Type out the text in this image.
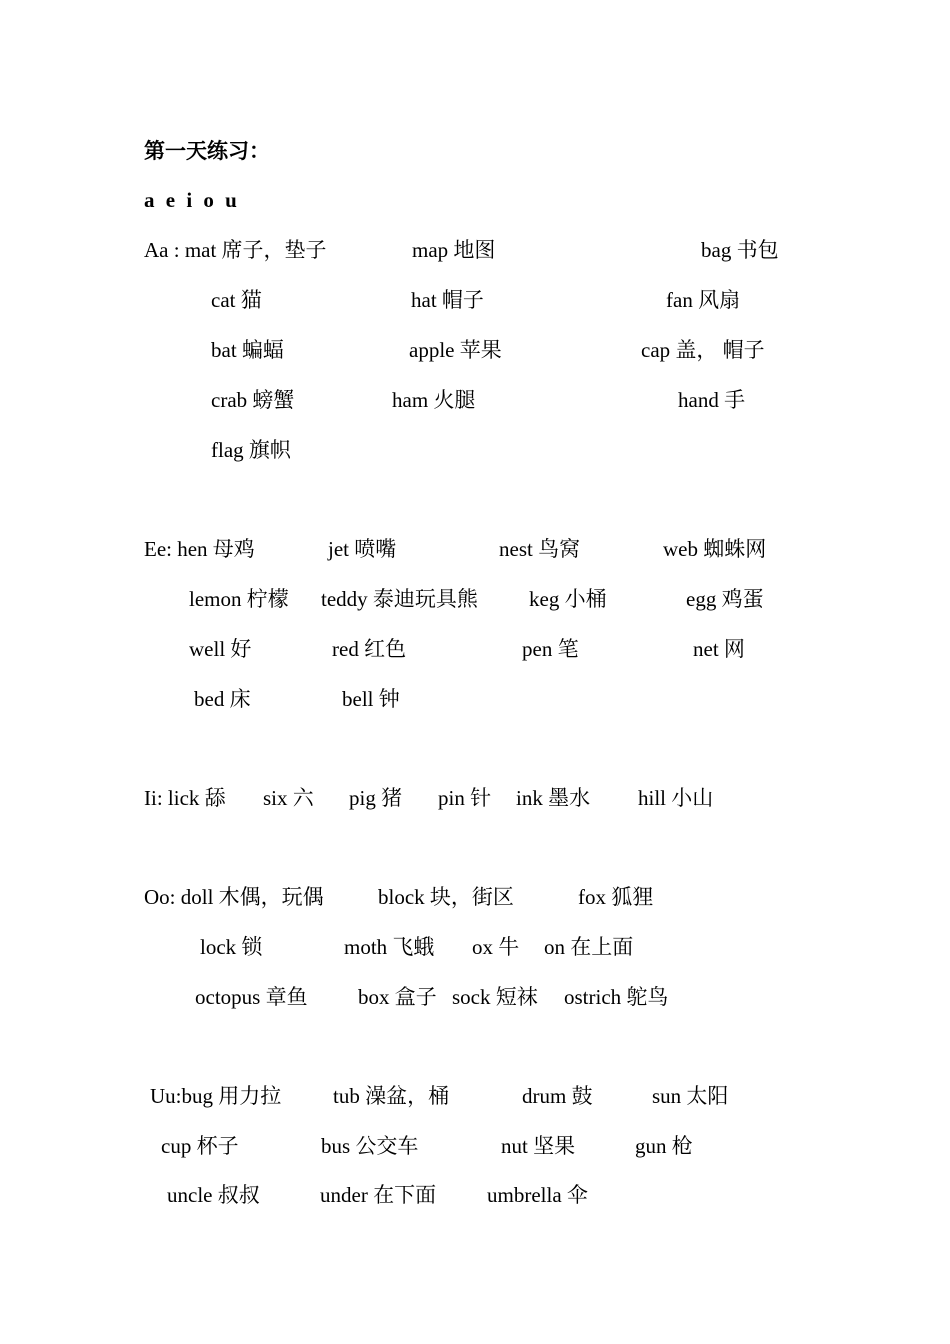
第一天练习：
a e i o u
Aa : mat 席子，垫子	map 地图	bag 书包
cat 猫	hat 帽子	fan 风扇
bat 蝙蝠	apple 苹果	cap 盖， 帽子
crab 螃蟹	ham 火腿	hand 手
flag 旗帜
Ee: hen 母鸡	jet 喷嘴	nest 鸟窝	web 蜘蛛网
lemon 柠檬 teddy 泰迪玩具熊 keg 小桶	egg 鸡蛋
well 好	red 红色	pen 笔	net 网
bed 床	bell 钟
Ii: lick 舔 six 六 pig 猪 pin 针 ink 墨水 hill 小山
Oo: doll 木偶，玩偶	block 块，街区	fox 狐狸
lock 锁	moth 飞蛾 ox 牛 on 在上面
octopus 章鱼 box 盒子 sock 短袜 ostrich 鸵鸟
Uu:bug 用力拉 tub 澡盆，桶	drum 鼓	sun 太阳
cup 杯子	bus 公交车	nut 坚果	gun 枪
uncle 叔叔	under 在下面 umbrella 伞
